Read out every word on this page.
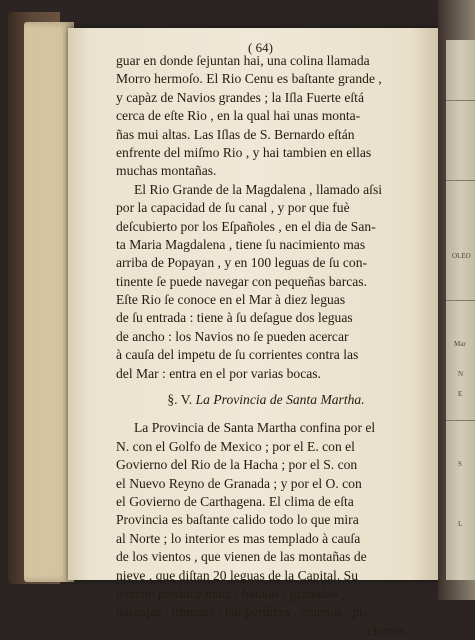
OLEO
Mar
N
E
S
L
( 64)
guar en donde ſejuntan hai, una colina llamada
Morro hermoſo. El Rio Cenu es baſtante grande ,
y capàz de Navios grandes ; la Iſla Fuerte eſtá
cerca de eſte Rio , en la qual hai unas monta-
ñas mui altas. Las Iſlas de S. Bernardo eſtán
enfrente del miſmo Rio , y hai tambien en ellas
muchas montañas.
El Rio Grande de la Magdalena , llamado aſsi
por la capacidad de ſu canal , y por que fuè
deſcubierto por los Eſpañoles , en el dia de San-
ta Maria Magdalena , tiene ſu nacimiento mas
arriba de Popayan , y en 100 leguas de ſu con-
tinente ſe puede navegar con pequeñas barcas.
Eſte Rio ſe conoce en el Mar à diez leguas
de ſu entrada : tiene à ſu deſague dos leguas
de ancho : los Navios no ſe pueden acercar
à cauſa del impetu de ſu corrientes contra las
del Mar : entra en el por varias bocas.
§. V. La Provincia de Santa Martha.
La Provincia de Santa Martha confina por el
N. con el Golfo de Mexico ; por el E. con el
Govierno del Rio de la Hacha ; por el S. con
el Nuevo Reyno de Granada ; y por el O. con
el Govierno de Carthagena. El clima de eſta
Provincia es baſtante calido todo lo que mira
al Norte ; lo interior es mas templado à cauſa
de los vientos , que vienen de las montañas de
nieve , que diſtan 20 leguas de la Capital. Su
terreno produce maiz ; batatas , granadas ,
naranjas , limones ; hai perdices , conejos , pi-
chones ;
